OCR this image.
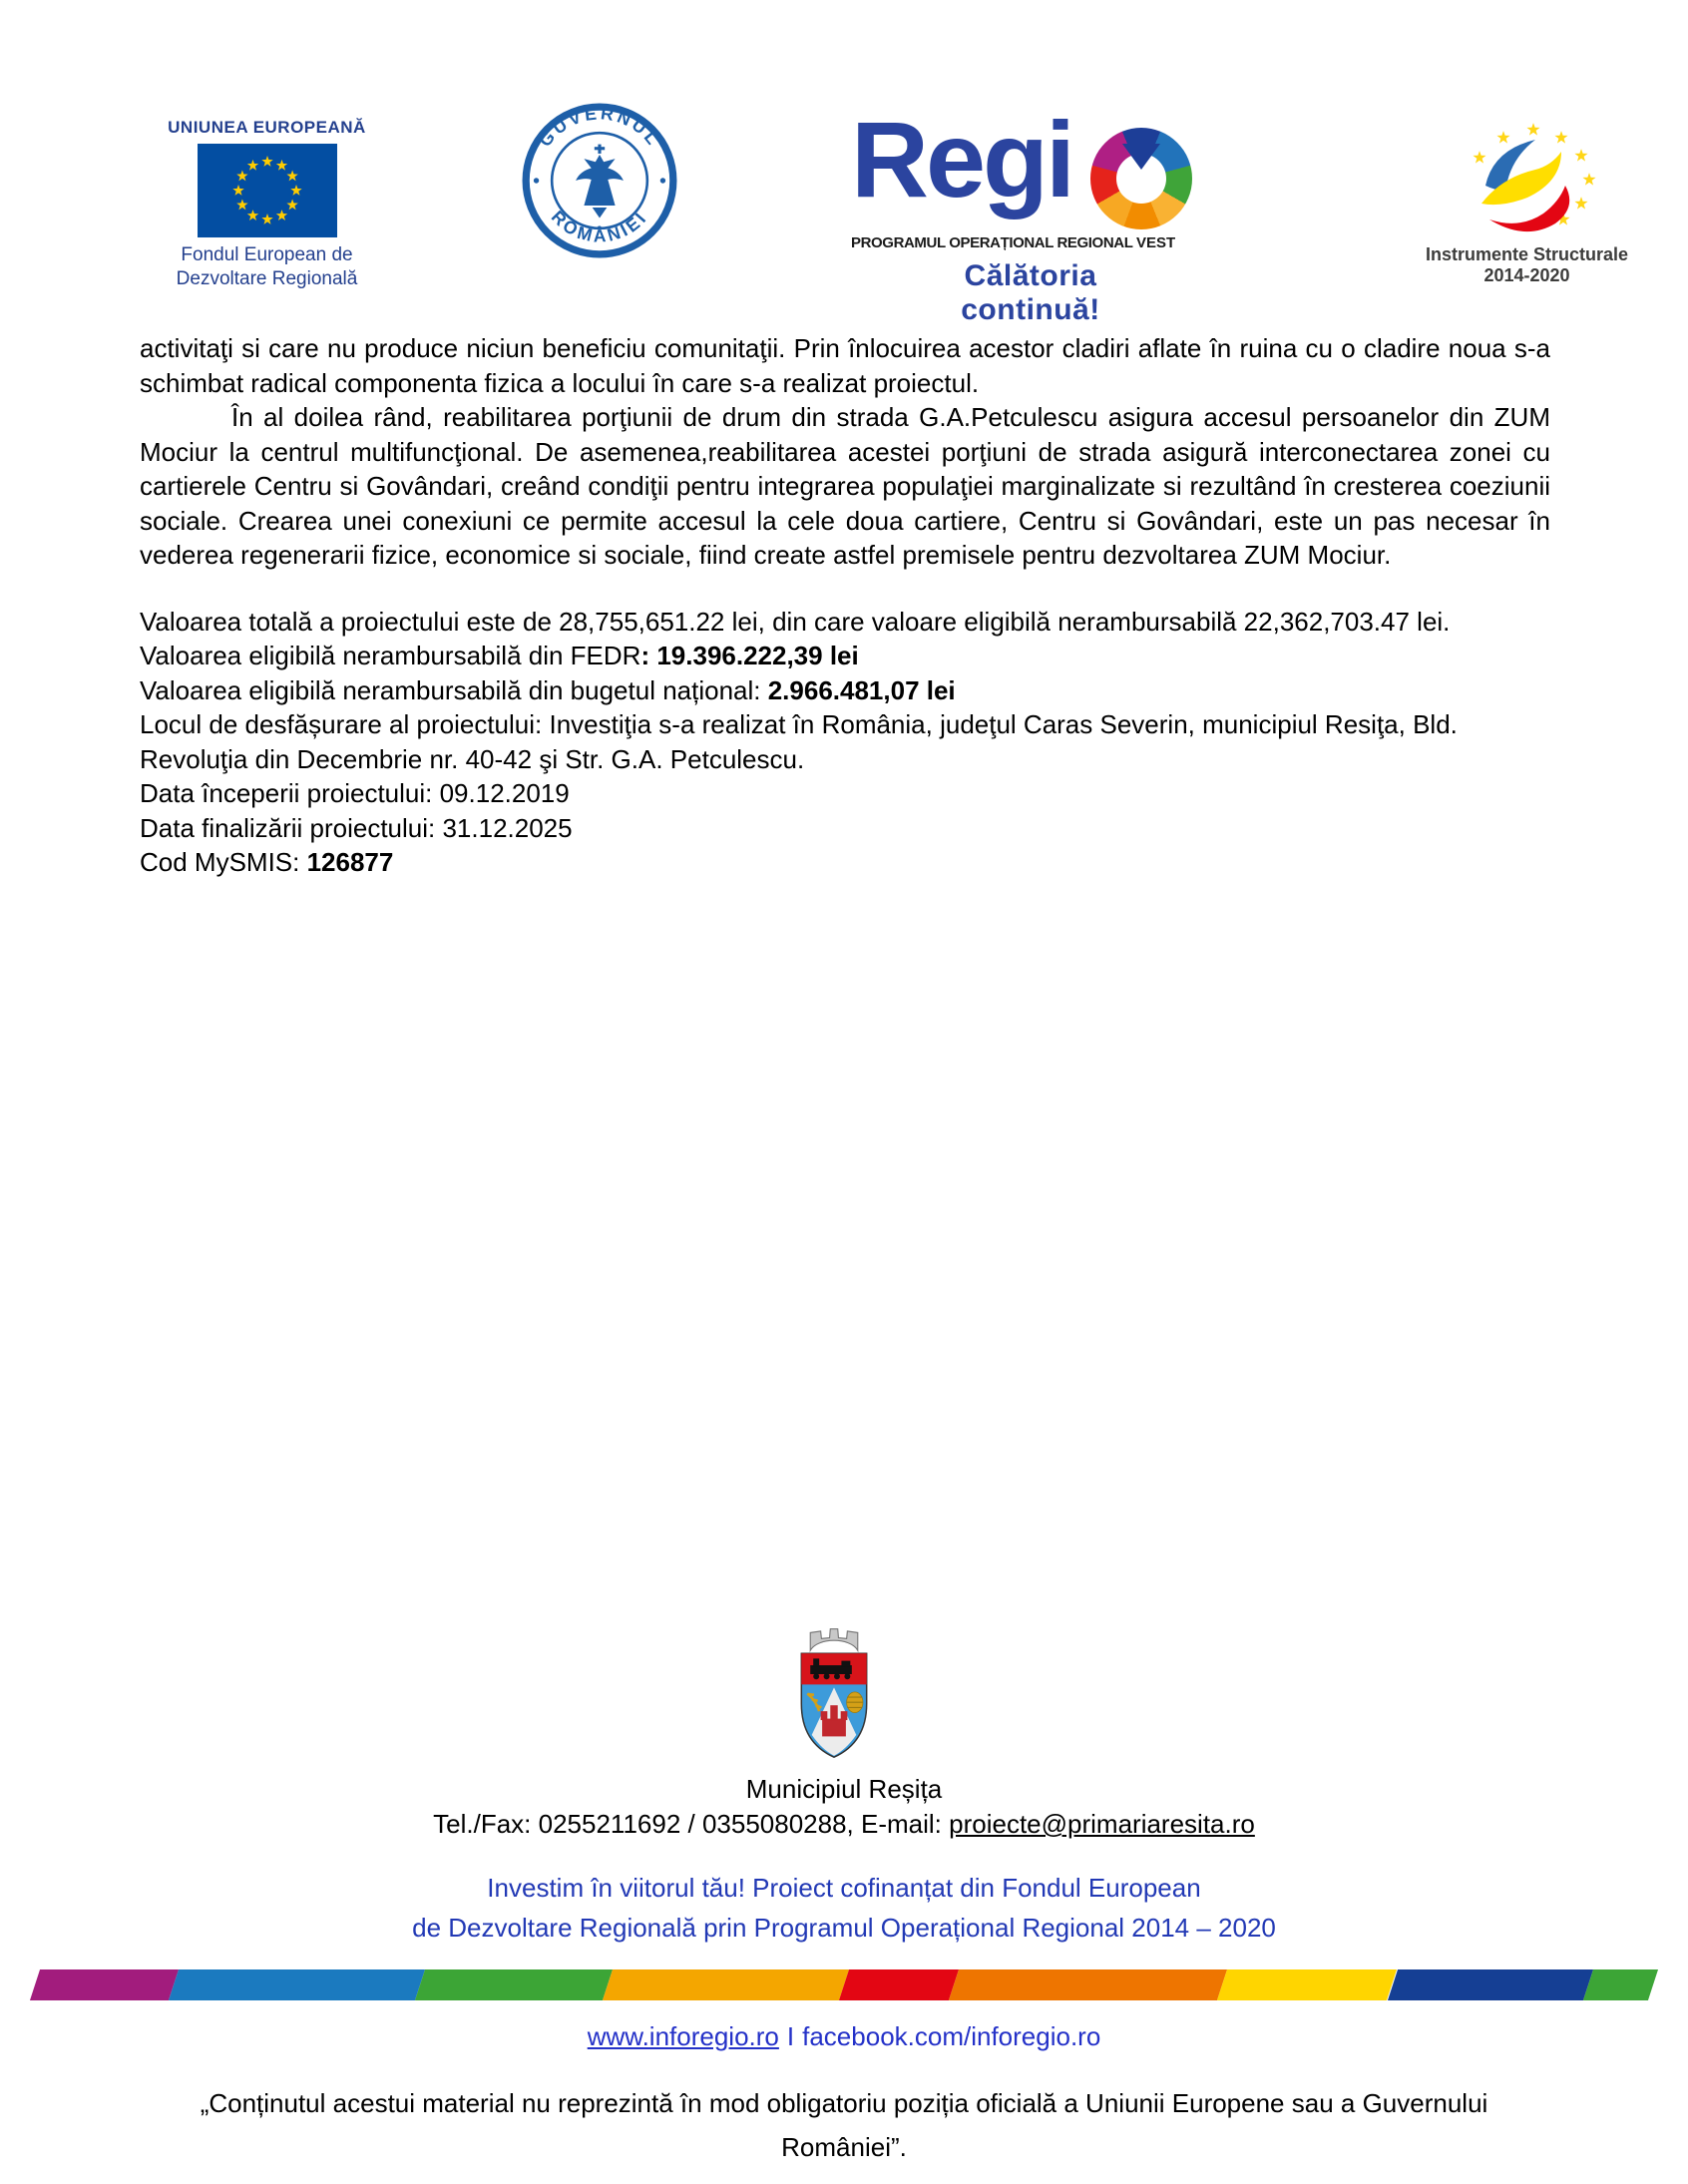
UNIUNEA EUROPEANĂ
Fondul European de Dezvoltare Regională
GUVERNUL
ROMÂNIEI Regi
PROGRAMUL OPERAȚIONAL REGIONAL VEST
Călătoria continuă!
Instrumente Structurale
2014-2020

activitaţi si care nu produce niciun beneficiu comunitaţii. Prin înlocuirea acestor cladiri aflate în ruina cu o cladire noua s-a schimbat radical componenta fizica a locului în care s-a realizat proiectul.

În al doilea rând, reabilitarea porţiunii de drum din strada G.A.Petculescu asigura accesul persoanelor din ZUM Mociur la centrul multifuncţional. De asemenea,reabilitarea acestei porţiuni de strada asigură interconectarea zonei cu cartierele Centru si Govândari, creând condiţii pentru integrarea populaţiei marginalizate si rezultând în cresterea coeziunii sociale. Crearea unei conexiuni ce permite accesul la cele doua cartiere, Centru si Govândari, este un pas necesar în vederea regenerarii fizice, economice si sociale, fiind create astfel premisele pentru dezvoltarea ZUM Mociur.

Valoarea totală a proiectului este de 28,755,651.22 lei, din care valoare eligibilă nerambursabilă 22,362,703.47 lei.
Valoarea eligibilă nerambursabilă din FEDR: 19.396.222,39 lei
Valoarea eligibilă nerambursabilă din bugetul național: 2.966.481,07 lei
Locul de desfășurare al proiectului: Investiţia s-a realizat în România, judeţul Caras Severin, municipiul Resiţa, Bld. Revoluţia din Decembrie nr. 40-42 şi Str. G.A. Petculescu.
Data începerii proiectului: 09.12.2019
Data finalizării proiectului: 31.12.2025
Cod MySMIS: 126877
Municipiul Reșița
Tel./Fax: 0255211692 / 0355080288, E-mail: proiecte@primariaresita.ro
Investim în viitorul tău! Proiect cofinanțat din Fondul European
de Dezvoltare Regională prin Programul Operațional Regional 2014 – 2020
www.inforegio.ro I facebook.com/inforegio.ro
„Conținutul acestui material nu reprezintă în mod obligatoriu poziția oficială a Uniunii Europene sau a Guvernului României”.
